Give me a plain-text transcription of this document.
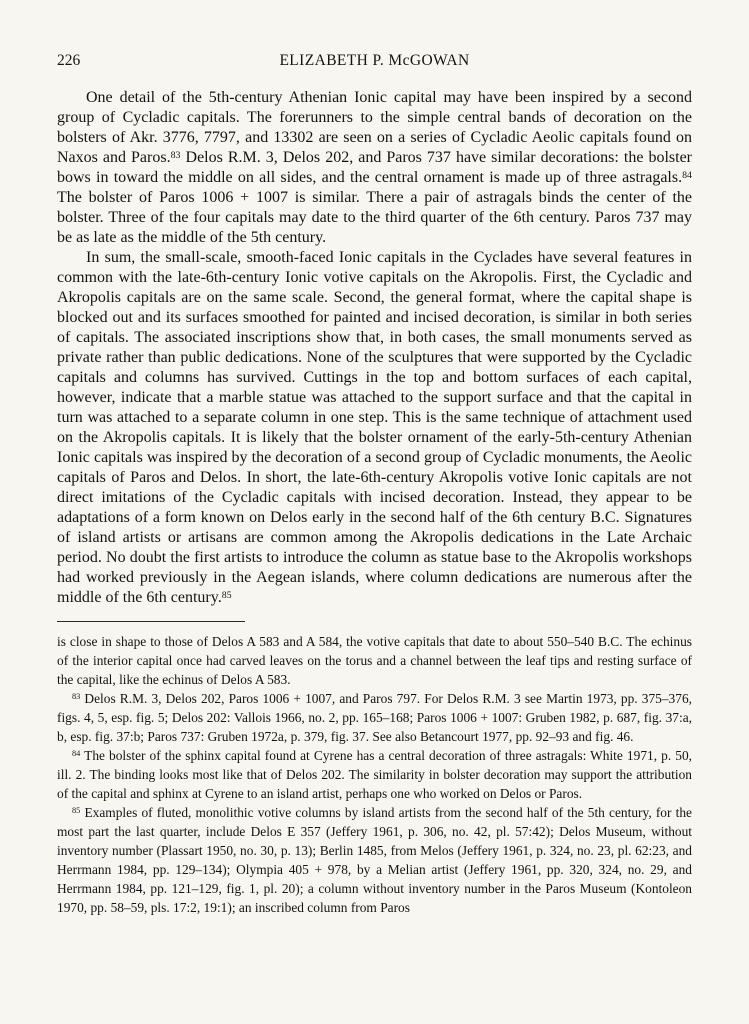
226	ELIZABETH P. McGOWAN

One detail of the 5th-century Athenian Ionic capital may have been inspired by a second group of Cycladic capitals. The forerunners to the simple central bands of decoration on the bolsters of Akr. 3776, 7797, and 13302 are seen on a series of Cycladic Aeolic capitals found on Naxos and Paros.$^{83}$ Delos R.M. 3, Delos 202, and Paros 737 have similar decorations: the bolster bows in toward the middle on all sides, and the central ornament is made up of three astragals.$^{84}$ The bolster of Paros 1006 + 1007 is similar. There a pair of astragals binds the center of the bolster. Three of the four capitals may date to the third quarter of the 6th century. Paros 737 may be as late as the middle of the 5th century.

In sum, the small-scale, smooth-faced Ionic capitals in the Cyclades have several features in common with the late-6th-century Ionic votive capitals on the Akropolis. First, the Cycladic and Akropolis capitals are on the same scale. Second, the general format, where the capital shape is blocked out and its surfaces smoothed for painted and incised decoration, is similar in both series of capitals. The associated inscriptions show that, in both cases, the small monuments served as private rather than public dedications. None of the sculptures that were supported by the Cycladic capitals and columns has survived. Cuttings in the top and bottom surfaces of each capital, however, indicate that a marble statue was attached to the support surface and that the capital in turn was attached to a separate column in one step. This is the same technique of attachment used on the Akropolis capitals. It is likely that the bolster ornament of the early-5th-century Athenian Ionic capitals was inspired by the decoration of a second group of Cycladic monuments, the Aeolic capitals of Paros and Delos. In short, the late-6th-century Akropolis votive Ionic capitals are not direct imitations of the Cycladic capitals with incised decoration. Instead, they appear to be adaptations of a form known on Delos early in the second half of the 6th century B.C. Signatures of island artists or artisans are common among the Akropolis dedications in the Late Archaic period. No doubt the first artists to introduce the column as statue base to the Akropolis workshops had worked previously in the Aegean islands, where column dedications are numerous after the middle of the 6th century.$^{85}$

is close in shape to those of Delos A 583 and A 584, the votive capitals that date to about 550–540 B.C. The echinus of the interior capital once had carved leaves on the torus and a channel between the leaf tips and resting surface of the capital, like the echinus of Delos A 583.

$^{83}$ Delos R.M. 3, Delos 202, Paros 1006 + 1007, and Paros 797. For Delos R.M. 3 see Martin 1973, pp. 375–376, figs. 4, 5, esp. fig. 5; Delos 202: Vallois 1966, no. 2, pp. 165–168; Paros 1006 + 1007: Gruben 1982, p. 687, fig. 37:a, b, esp. fig. 37:b; Paros 737: Gruben 1972a, p. 379, fig. 37. See also Betancourt 1977, pp. 92–93 and fig. 46.

$^{84}$ The bolster of the sphinx capital found at Cyrene has a central decoration of three astragals: White 1971, p. 50, ill. 2. The binding looks most like that of Delos 202. The similarity in bolster decoration may support the attribution of the capital and sphinx at Cyrene to an island artist, perhaps one who worked on Delos or Paros.

$^{85}$ Examples of fluted, monolithic votive columns by island artists from the second half of the 5th century, for the most part the last quarter, include Delos E 357 (Jeffery 1961, p. 306, no. 42, pl. 57:42); Delos Museum, without inventory number (Plassart 1950, no. 30, p. 13); Berlin 1485, from Melos (Jeffery 1961, p. 324, no. 23, pl. 62:23, and Herrmann 1984, pp. 129–134); Olympia 405 + 978, by a Melian artist (Jeffery 1961, pp. 320, 324, no. 29, and Herrmann 1984, pp. 121–129, fig. 1, pl. 20); a column without inventory number in the Paros Museum (Kontoleon 1970, pp. 58–59, pls. 17:2, 19:1); an inscribed column from Paros
